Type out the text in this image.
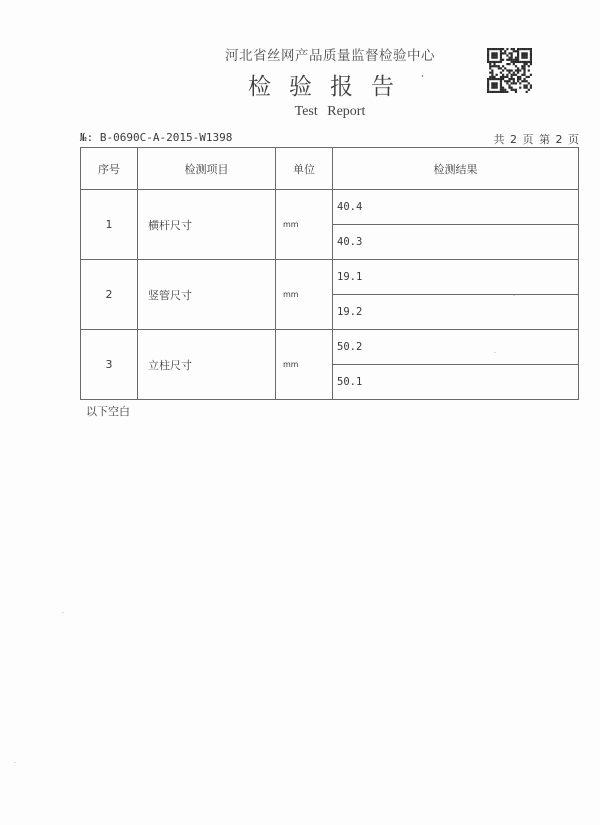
河北省丝网产品质量监督检验中心
检验报告
Test Report
№: B-0690C-A-2015-W1398	共 2 页 第 2 页
序号	检测项目	单位	检测结果
1	横杆尺寸	mm	40.4
			40.3
2	竖管尺寸	mm	19.1
			19.2
3	立柱尺寸	mm	50.2
			50.1
以下空白
ʻ
·
·
·
·
